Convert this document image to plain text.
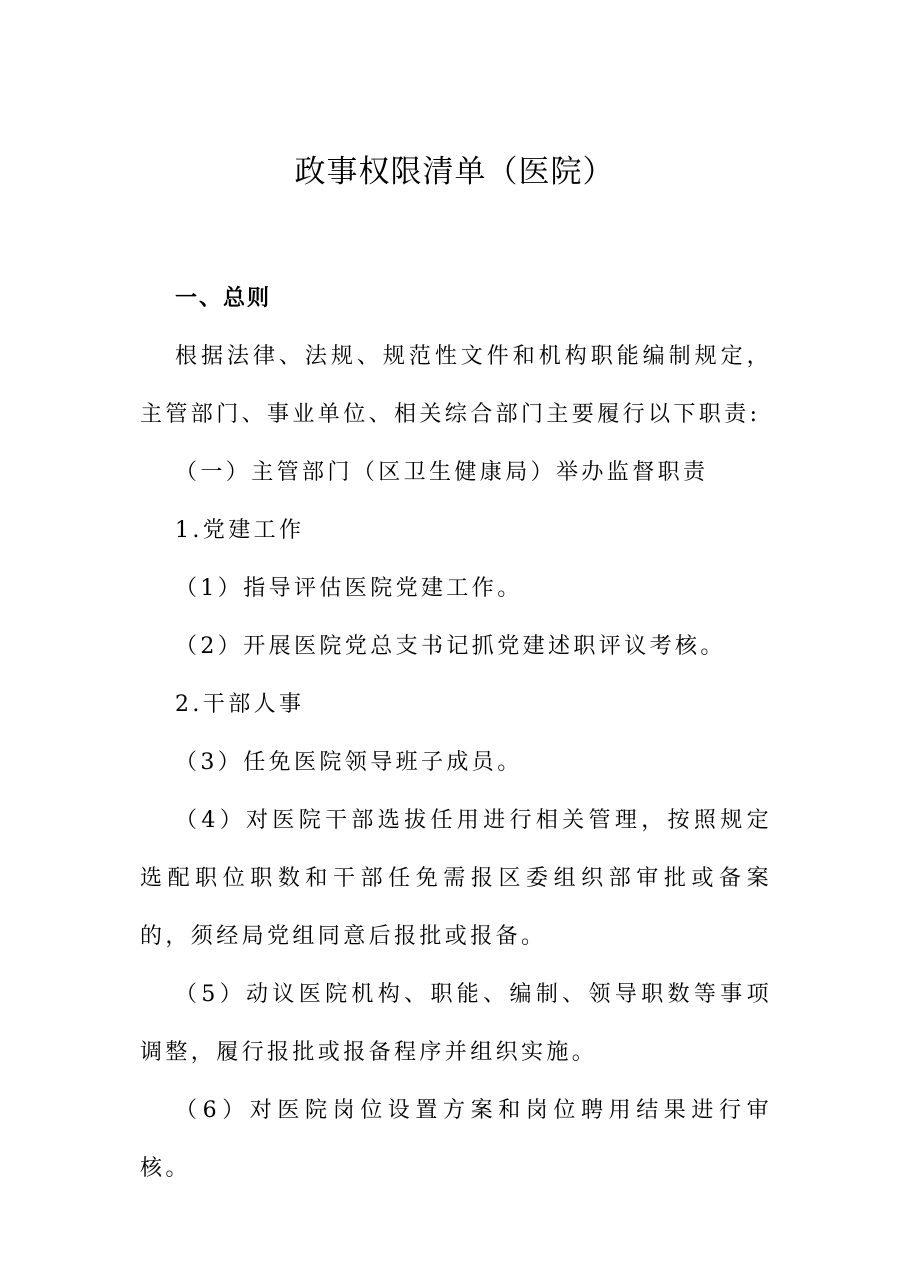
政事权限清单（医院）

一、总则

根据法律、法规、规范性文件和机构职能编制规定，主管部门、事业单位、相关综合部门主要履行以下职责:

（一）主管部门（区卫生健康局）举办监督职责

1.党建工作

（1）指导评估医院党建工作。

（2）开展医院党总支书记抓党建述职评议考核。

2.干部人事

（3）任免医院领导班子成员。

（4）对医院干部选拔任用进行相关管理，按照规定选配职位职数和干部任免需报区委组织部审批或备案的，须经局党组同意后报批或报备。

（5）动议医院机构、职能、编制、领导职数等事项调整，履行报批或报备程序并组织实施。

（6）对医院岗位设置方案和岗位聘用结果进行审核。
